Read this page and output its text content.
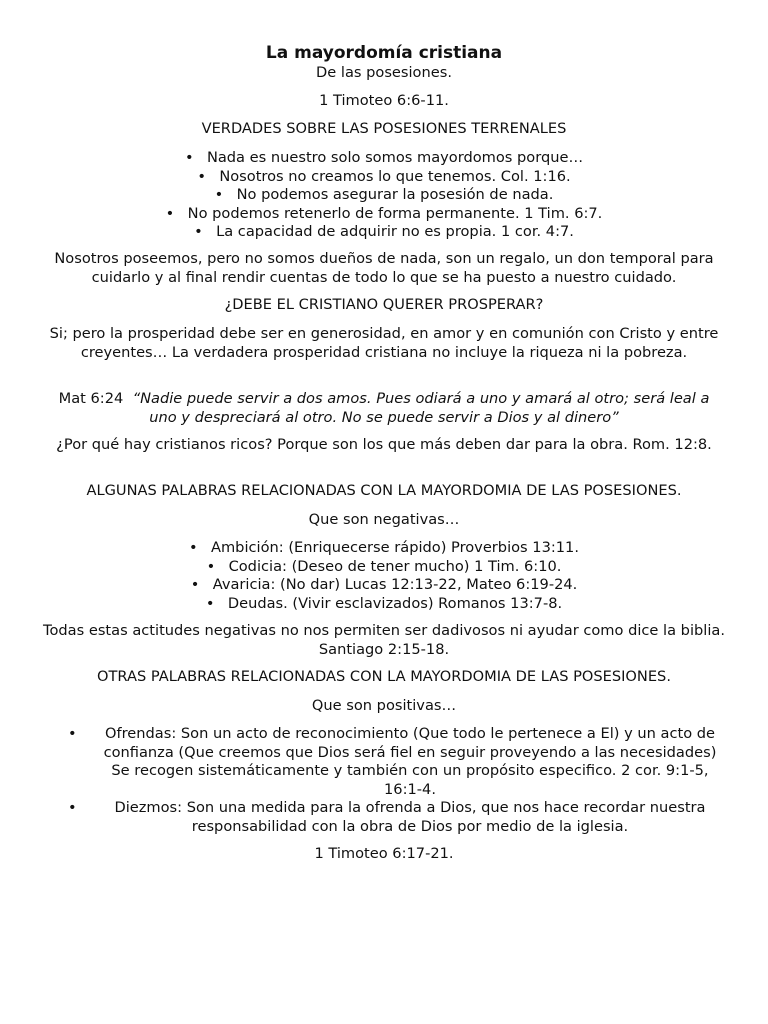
La mayordomía cristiana
De las posesiones.
1 Timoteo 6:6-11.
VERDADES SOBRE LAS POSESIONES TERRENALES
• Nada es nuestro solo somos mayordomos porque…
• Nosotros no creamos lo que tenemos. Col. 1:16.
• No podemos asegurar la posesión de nada.
• No podemos retenerlo de forma permanente. 1 Tim. 6:7.
• La capacidad de adquirir no es propia. 1 cor. 4:7.
Nosotros poseemos, pero no somos dueños de nada, son un regalo, un don temporal para cuidarlo y al final rendir cuentas de todo lo que se ha puesto a nuestro cuidado.
¿DEBE EL CRISTIANO QUERER PROSPERAR?
Si; pero la prosperidad debe ser en generosidad, en amor y en comunión con Cristo y entre creyentes… La verdadera prosperidad cristiana no incluye la riqueza ni la pobreza.
Mat 6:24 “Nadie puede servir a dos amos. Pues odiará a uno y amará al otro; será leal a uno y despreciará al otro. No se puede servir a Dios y al dinero”
¿Por qué hay cristianos ricos? Porque son los que más deben dar para la obra. Rom. 12:8.
ALGUNAS PALABRAS RELACIONADAS CON LA MAYORDOMIA DE LAS POSESIONES.
Que son negativas…
• Ambición: (Enriquecerse rápido) Proverbios 13:11.
• Codicia: (Deseo de tener mucho) 1 Tim. 6:10.
• Avaricia: (No dar) Lucas 12:13-22, Mateo 6:19-24.
• Deudas. (Vivir esclavizados) Romanos 13:7-8.
Todas estas actitudes negativas no nos permiten ser dadivosos ni ayudar como dice la biblia. Santiago 2:15-18.
OTRAS PALABRAS RELACIONADAS CON LA MAYORDOMIA DE LAS POSESIONES.
Que son positivas…
•	Ofrendas: Son un acto de reconocimiento (Que todo le pertenece a El) y un acto de confianza (Que creemos que Dios será fiel en seguir proveyendo a las necesidades) Se recogen sistemáticamente y también con un propósito especifico. 2 cor. 9:1-5, 16:1-4.
•	Diezmos: Son una medida para la ofrenda a Dios, que nos hace recordar nuestra responsabilidad con la obra de Dios por medio de la iglesia.
1 Timoteo 6:17-21.
